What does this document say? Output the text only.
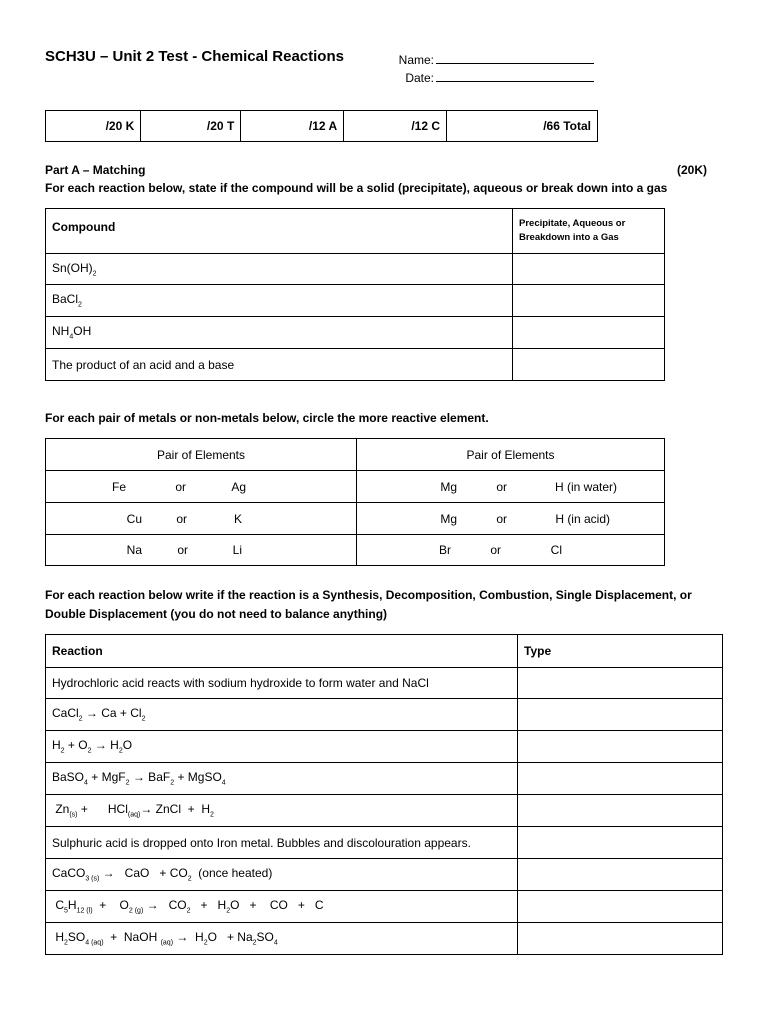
SCH3U – Unit 2 Test - Chemical Reactions	Name:
Date:
/20 K	/20 T	/12 A	/12 C	/66 Total
Part A – Matching	(20K)
For each reaction below, state if the compound will be a solid (precipitate), aqueous or break down into a gas
Compound	Precipitate, Aqueous or Breakdown into a Gas
$Sn(OH)_2$	
BaCl$_2$	
$NH_4OH$	
The product of an acid and a base	
For each pair of metals or non-metals below, circle the more reactive element.
Pair of Elements	Pair of Elements

Fe or Ag	Mg or H (in water)

Cu or K	Mg or H (in acid)

Na or Li	Br or Cl
For each reaction below write if the reaction is a Synthesis, Decomposition, Combustion, Single Displacement, or
Double Displacement (you do not need to balance anything)
Reaction	Type
Hydrochloric acid reacts with sodium hydroxide to form water and NaCl	
CaCl$_2$ → $Ca + Cl_2$	
$H_2 + O_2 \to H_2O$	
BaSO$_4$ + MgF$_2$ → BaF$_2$ + MgSO$_4$	
$Zn_{(s)}$ +      HCl$_{(aq)}$→ ZnCl  +  $H_2$	
Sulphuric acid is dropped onto Iron metal. Bubbles and discolouration appears.	
CaCO$_{3 (s)}$ →   CaO   + $CO_2$  (once heated)	
$C_5H_{12 (l)}$  +    $O_{2 (g)} \to CO_2 + H_2O$   +    CO   +   C	
$H_2SO_{4 (aq)}$  +  NaOH $_{(aq)} \to H_2O + Na_2SO_4$	
